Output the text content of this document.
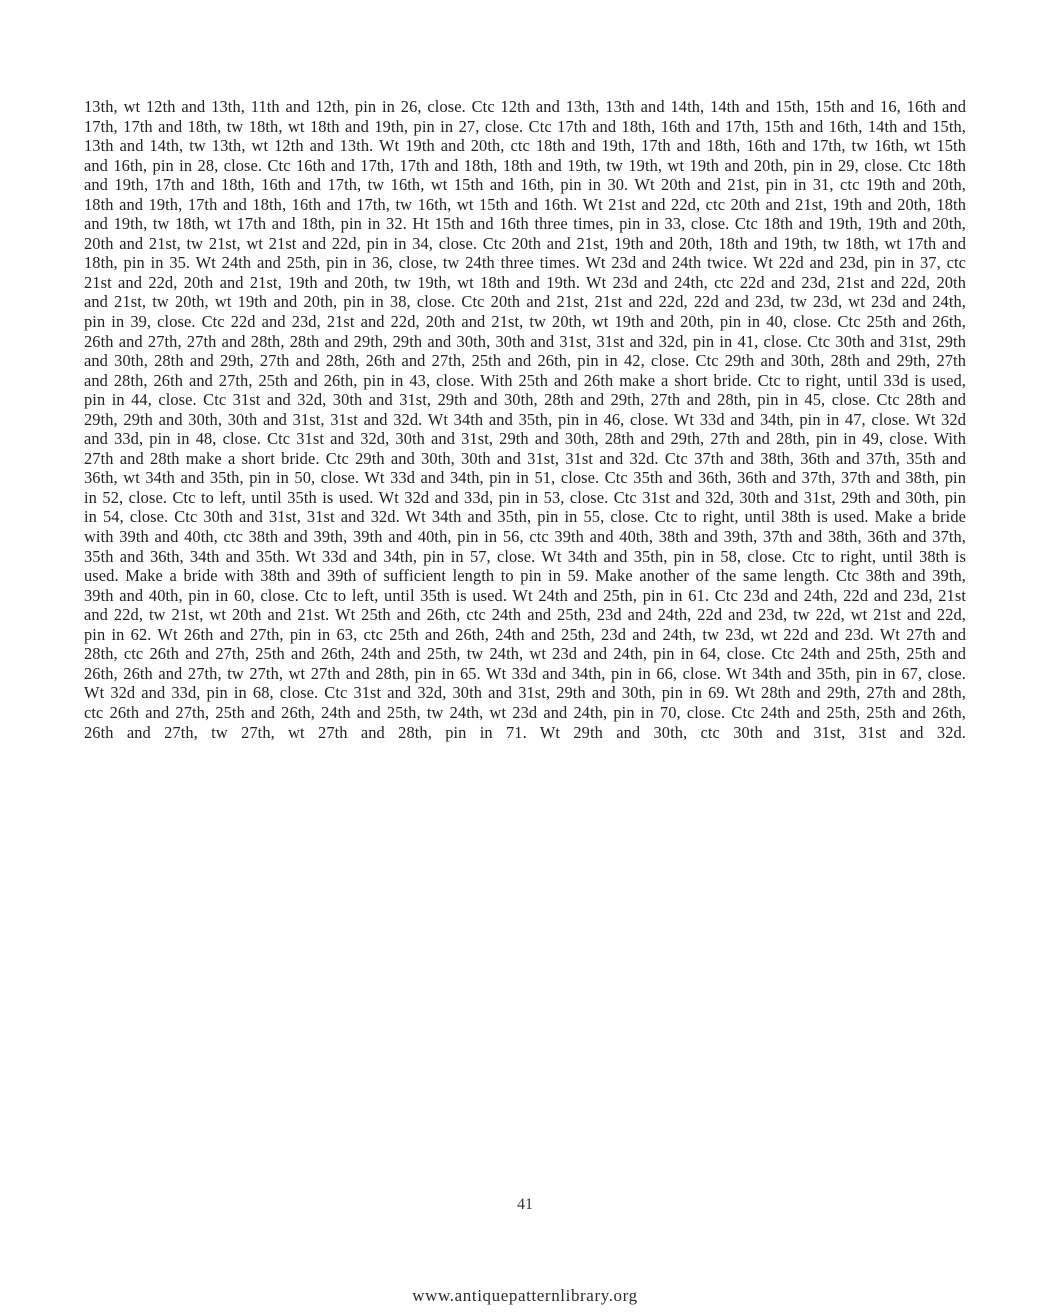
13th, wt 12th and 13th, 11th and 12th, pin in 26, close. Ctc 12th and 13th, 13th and 14th, 14th and 15th, 15th and 16, 16th and 17th, 17th and 18th, tw 18th, wt 18th and 19th, pin in 27, close. Ctc 17th and 18th, 16th and 17th, 15th and 16th, 14th and 15th, 13th and 14th, tw 13th, wt 12th and 13th. Wt 19th and 20th, ctc 18th and 19th, 17th and 18th, 16th and 17th, tw 16th, wt 15th and 16th, pin in 28, close. Ctc 16th and 17th, 17th and 18th, 18th and 19th, tw 19th, wt 19th and 20th, pin in 29, close. Ctc 18th and 19th, 17th and 18th, 16th and 17th, tw 16th, wt 15th and 16th, pin in 30. Wt 20th and 21st, pin in 31, ctc 19th and 20th, 18th and 19th, 17th and 18th, 16th and 17th, tw 16th, wt 15th and 16th. Wt 21st and 22d, ctc 20th and 21st, 19th and 20th, 18th and 19th, tw 18th, wt 17th and 18th, pin in 32. Ht 15th and 16th three times, pin in 33, close. Ctc 18th and 19th, 19th and 20th, 20th and 21st, tw 21st, wt 21st and 22d, pin in 34, close. Ctc 20th and 21st, 19th and 20th, 18th and 19th, tw 18th, wt 17th and 18th, pin in 35. Wt 24th and 25th, pin in 36, close, tw 24th three times. Wt 23d and 24th twice. Wt 22d and 23d, pin in 37, ctc 21st and 22d, 20th and 21st, 19th and 20th, tw 19th, wt 18th and 19th. Wt 23d and 24th, ctc 22d and 23d, 21st and 22d, 20th and 21st, tw 20th, wt 19th and 20th, pin in 38, close. Ctc 20th and 21st, 21st and 22d, 22d and 23d, tw 23d, wt 23d and 24th, pin in 39, close. Ctc 22d and 23d, 21st and 22d, 20th and 21st, tw 20th, wt 19th and 20th, pin in 40, close. Ctc 25th and 26th, 26th and 27th, 27th and 28th, 28th and 29th, 29th and 30th, 30th and 31st, 31st and 32d, pin in 41, close. Ctc 30th and 31st, 29th and 30th, 28th and 29th, 27th and 28th, 26th and 27th, 25th and 26th, pin in 42, close. Ctc 29th and 30th, 28th and 29th, 27th and 28th, 26th and 27th, 25th and 26th, pin in 43, close. With 25th and 26th make a short bride. Ctc to right, until 33d is used, pin in 44, close. Ctc 31st and 32d, 30th and 31st, 29th and 30th, 28th and 29th, 27th and 28th, pin in 45, close. Ctc 28th and 29th, 29th and 30th, 30th and 31st, 31st and 32d. Wt 34th and 35th, pin in 46, close. Wt 33d and 34th, pin in 47, close. Wt 32d and 33d, pin in 48, close. Ctc 31st and 32d, 30th and 31st, 29th and 30th, 28th and 29th, 27th and 28th, pin in 49, close. With 27th and 28th make a short bride. Ctc 29th and 30th, 30th and 31st, 31st and 32d. Ctc 37th and 38th, 36th and 37th, 35th and 36th, wt 34th and 35th, pin in 50, close. Wt 33d and 34th, pin in 51, close. Ctc 35th and 36th, 36th and 37th, 37th and 38th, pin in 52, close. Ctc to left, until 35th is used. Wt 32d and 33d, pin in 53, close. Ctc 31st and 32d, 30th and 31st, 29th and 30th, pin in 54, close. Ctc 30th and 31st, 31st and 32d. Wt 34th and 35th, pin in 55, close. Ctc to right, until 38th is used. Make a bride with 39th and 40th, ctc 38th and 39th, 39th and 40th, pin in 56, ctc 39th and 40th, 38th and 39th, 37th and 38th, 36th and 37th, 35th and 36th, 34th and 35th. Wt 33d and 34th, pin in 57, close. Wt 34th and 35th, pin in 58, close. Ctc to right, until 38th is used. Make a bride with 38th and 39th of sufficient length to pin in 59. Make another of the same length. Ctc 38th and 39th, 39th and 40th, pin in 60, close. Ctc to left, until 35th is used. Wt 24th and 25th, pin in 61. Ctc 23d and 24th, 22d and 23d, 21st and 22d, tw 21st, wt 20th and 21st. Wt 25th and 26th, ctc 24th and 25th, 23d and 24th, 22d and 23d, tw 22d, wt 21st and 22d, pin in 62. Wt 26th and 27th, pin in 63, ctc 25th and 26th, 24th and 25th, 23d and 24th, tw 23d, wt 22d and 23d. Wt 27th and 28th, ctc 26th and 27th, 25th and 26th, 24th and 25th, tw 24th, wt 23d and 24th, pin in 64, close. Ctc 24th and 25th, 25th and 26th, 26th and 27th, tw 27th, wt 27th and 28th, pin in 65. Wt 33d and 34th, pin in 66, close. Wt 34th and 35th, pin in 67, close. Wt 32d and 33d, pin in 68, close. Ctc 31st and 32d, 30th and 31st, 29th and 30th, pin in 69. Wt 28th and 29th, 27th and 28th, ctc 26th and 27th, 25th and 26th, 24th and 25th, tw 24th, wt 23d and 24th, pin in 70, close. Ctc 24th and 25th, 25th and 26th, 26th and 27th, tw 27th, wt 27th and 28th, pin in 71. Wt 29th and 30th, ctc 30th and 31st, 31st and 32d.

41
www.antiquepatternlibrary.org
